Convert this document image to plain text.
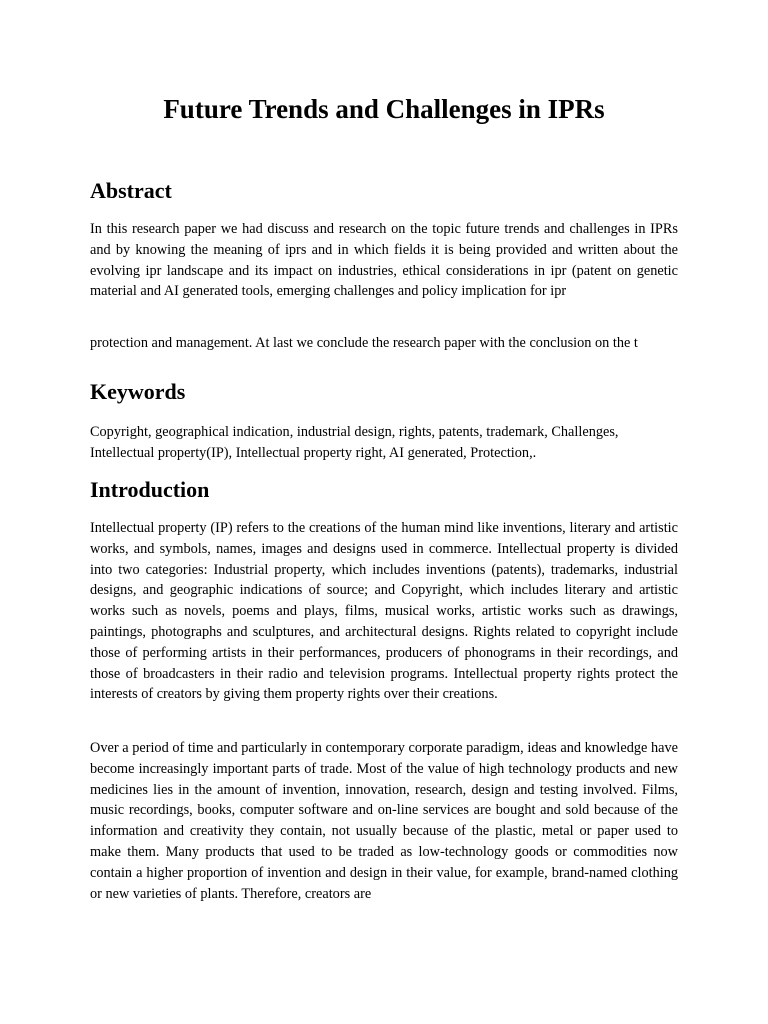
Future Trends and Challenges in IPRs
Abstract

In this research paper we had discuss and research on the topic future trends and challenges in IPRs and by knowing the meaning of iprs and in which fields it is being provided and written about the evolving ipr landscape and its impact on industries, ethical considerations in ipr (patent on genetic material and AI generated tools, emerging challenges and policy implication for ipr

protection and management. At last we conclude the research paper with the conclusion on the t

Keywords

Copyright, geographical indication, industrial design, rights, patents, trademark, Challenges, Intellectual property(IP), Intellectual property right, AI generated, Protection,.

Introduction

Intellectual property (IP) refers to the creations of the human mind like inventions, literary and artistic works, and symbols, names, images and designs used in commerce. Intellectual property is divided into two categories: Industrial property, which includes inventions (patents), trademarks, industrial designs, and geographic indications of source; and Copyright, which includes literary and artistic works such as novels, poems and plays, films, musical works, artistic works such as drawings, paintings, photographs and sculptures, and architectural designs. Rights related to copyright include those of performing artists in their performances, producers of phonograms in their recordings, and those of broadcasters in their radio and television programs. Intellectual property rights protect the interests of creators by giving them property rights over their creations.

Over a period of time and particularly in contemporary corporate paradigm, ideas and knowledge have become increasingly important parts of trade. Most of the value of high technology products and new medicines lies in the amount of invention, innovation, research, design and testing involved. Films, music recordings, books, computer software and on-line services are bought and sold because of the information and creativity they contain, not usually because of the plastic, metal or paper used to make them. Many products that used to be traded as low-technology goods or commodities now contain a higher proportion of invention and design in their value, for example, brand-named clothing or new varieties of plants. Therefore, creators are
